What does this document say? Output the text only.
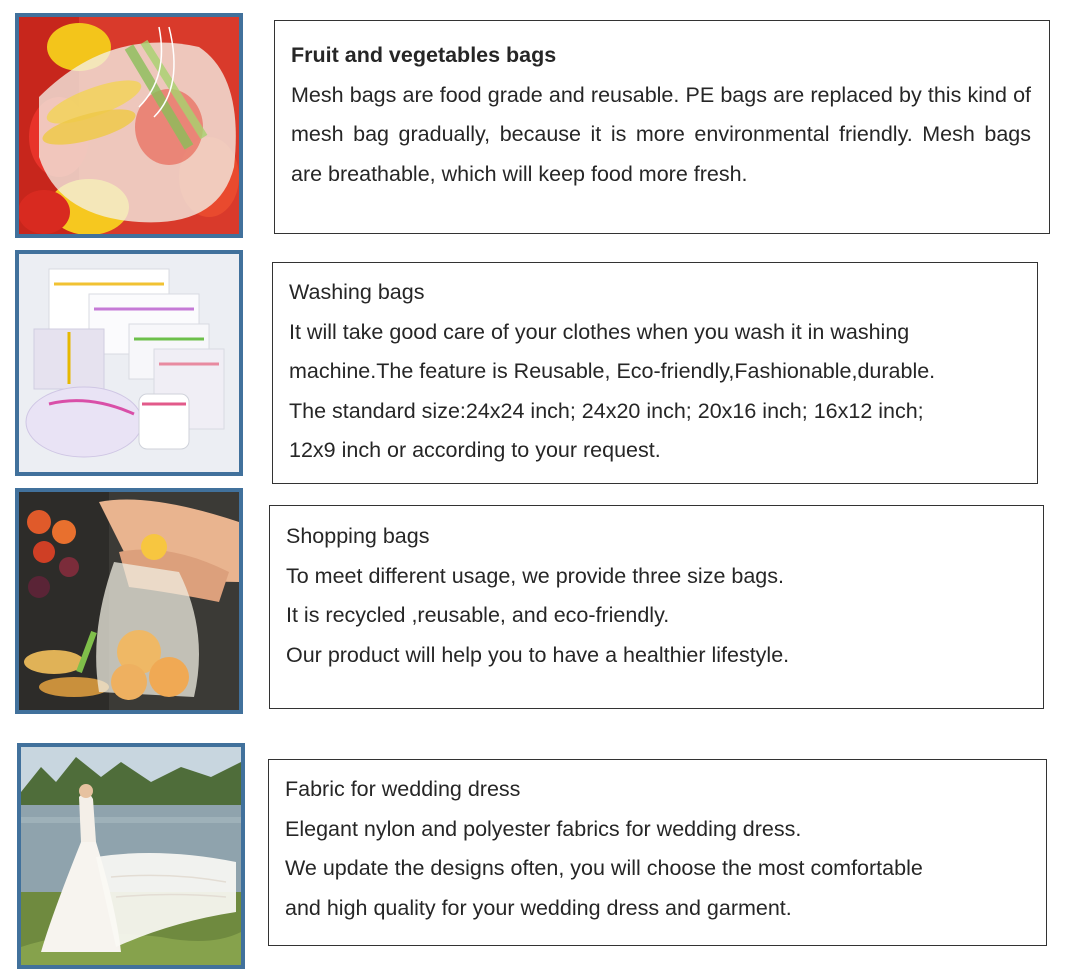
Fruit and vegetables bags

Mesh bags are food grade and reusable. PE bags are replaced by this kind of mesh bag gradually, because it is more environmental friendly. Mesh bags are breathable, which will keep food more fresh.

Washing bags

It will take good care of your clothes when you wash it in washing

machine.The feature is Reusable, Eco-friendly,Fashionable,durable.

The standard size:24x24 inch; 24x20 inch; 20x16 inch; 16x12 inch;

12x9 inch or according to your request.

Shopping bags

To meet different usage, we provide three size bags.

It is recycled ,reusable, and eco-friendly.

Our product will help you to have a healthier lifestyle.

Fabric for wedding dress

Elegant nylon and polyester fabrics for wedding dress.

We update the designs often, you will choose the most comfortable

and high quality for your wedding dress and garment.
